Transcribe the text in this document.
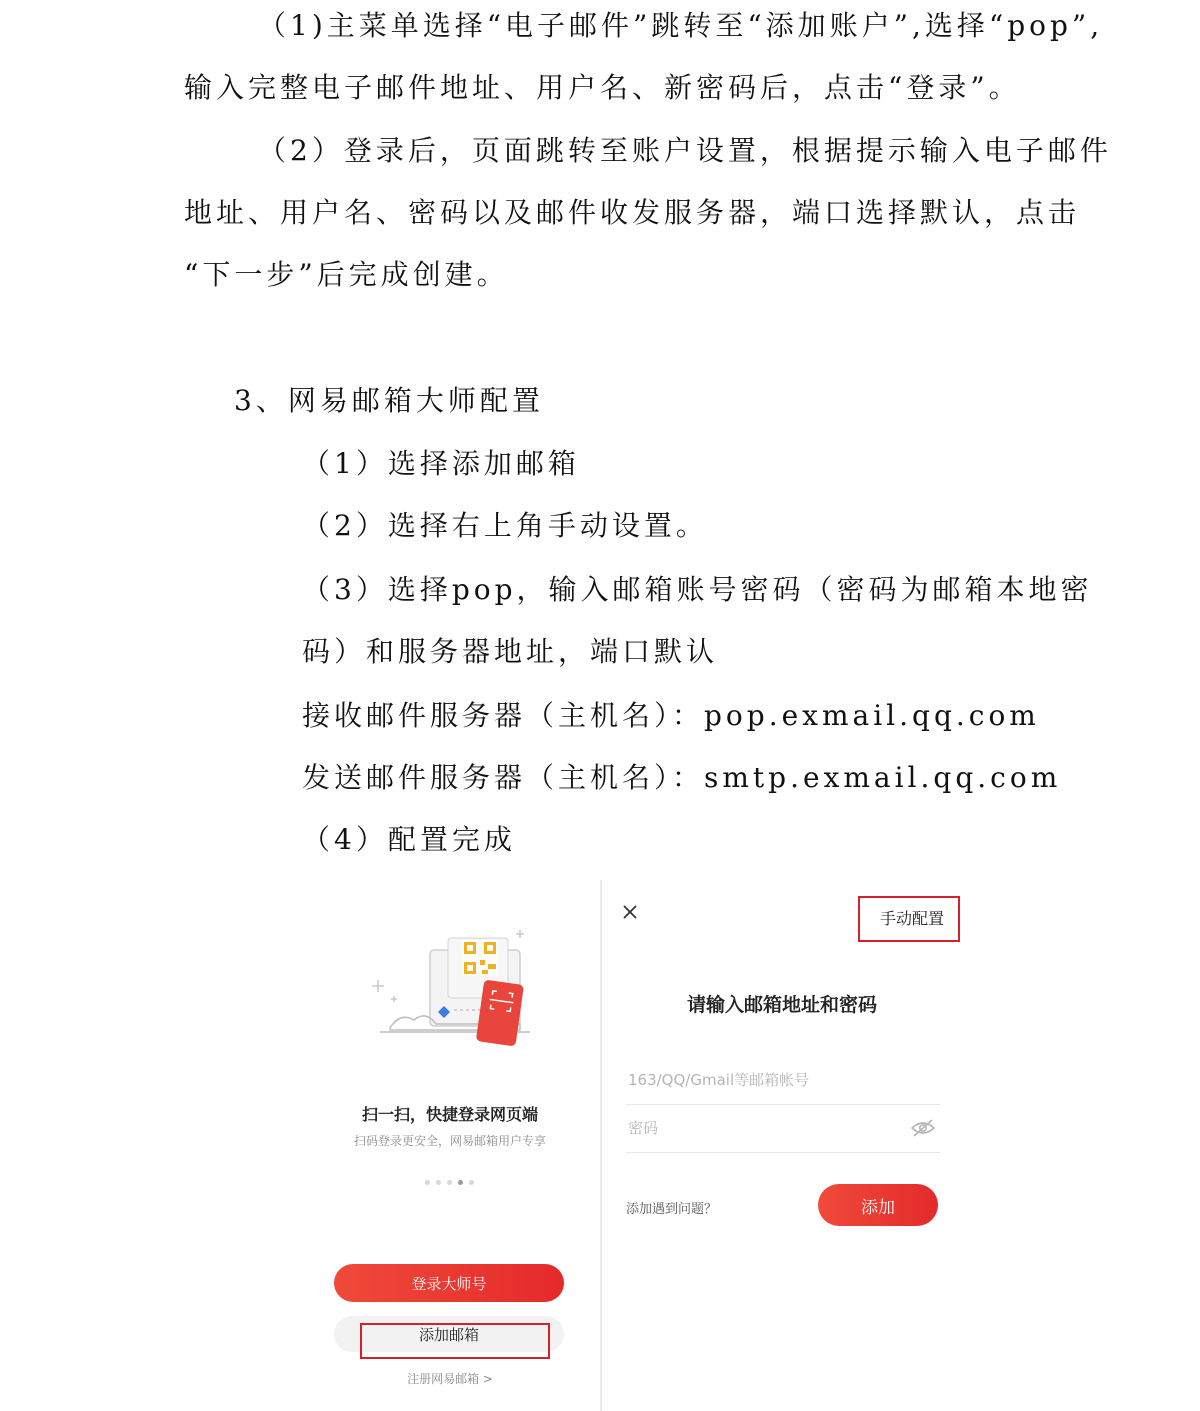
（1)主菜单选择“电子邮件”跳转至“添加账户”,选择“pop”,
输入完整电子邮件地址、用户名、新密码后，点击“登录”。
（2）登录后，页面跳转至账户设置，根据提示输入电子邮件
地址、用户名、密码以及邮件收发服务器，端口选择默认，点击
“下一步”后完成创建。
3、网易邮箱大师配置
（1）选择添加邮箱
（2）选择右上角手动设置。
（3）选择pop，输入邮箱账号密码（密码为邮箱本地密
码）和服务器地址，端口默认
接收邮件服务器（主机名）：pop.exmail.qq.com
发送邮件服务器（主机名）：smtp.exmail.qq.com
（4）配置完成
扫一扫，快捷登录网页端
扫码登录更安全，网易邮箱用户专享
登录大师号
添加邮箱
注册网易邮箱 >
手动配置
请输入邮箱地址和密码
163/QQ/Gmail等邮箱帐号
添加遇到问题？	添加
